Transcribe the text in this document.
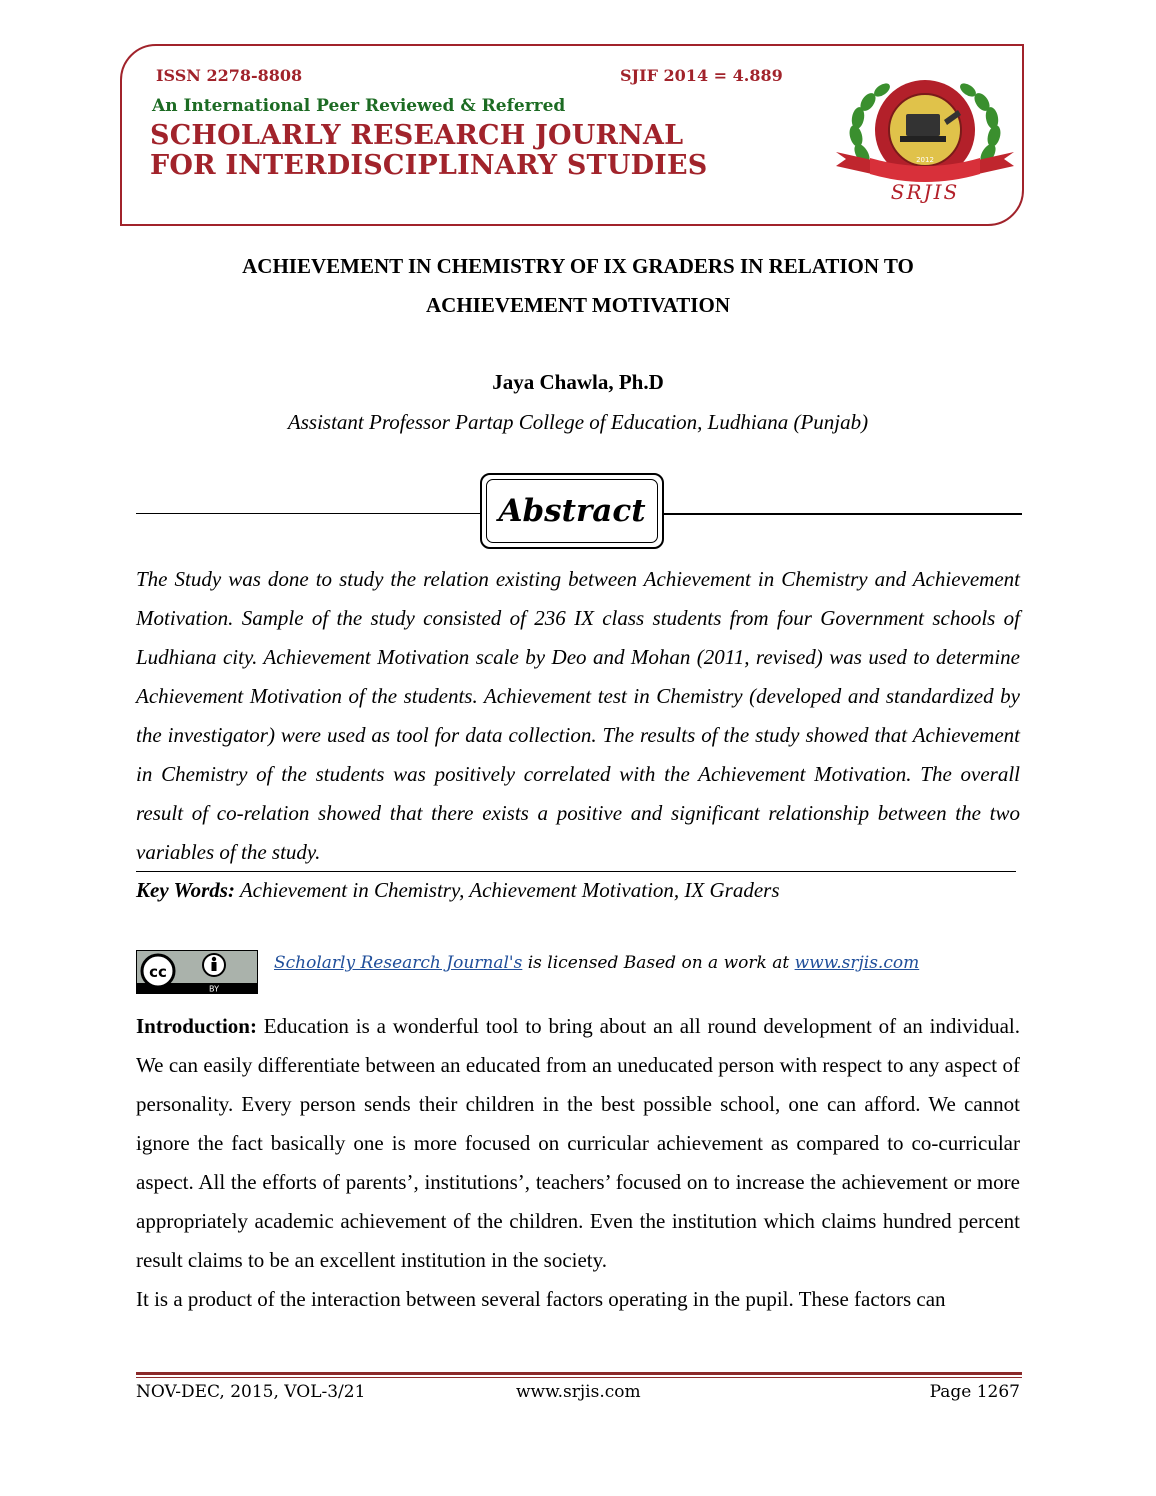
ISSN 2278-8808	SJIF 2014 = 4.889
An International Peer Reviewed & Referred
SCHOLARLY RESEARCH JOURNAL
FOR INTERDISCIPLINARY STUDIES
SRJIS
2012
ACHIEVEMENT IN CHEMISTRY OF IX GRADERS IN RELATION TO
ACHIEVEMENT MOTIVATION
Jaya Chawla, Ph.D
Assistant Professor Partap College of Education, Ludhiana (Punjab)
Abstract
The Study was done to study the relation existing between Achievement in Chemistry and Achievement Motivation. Sample of the study consisted of 236 IX class students from four Government schools of Ludhiana city. Achievement Motivation scale by Deo and Mohan (2011, revised) was used to determine Achievement Motivation of the students. Achievement test in Chemistry (developed and standardized by the investigator) were used as tool for data collection. The results of the study showed that Achievement in Chemistry of the students was positively correlated with the Achievement Motivation. The overall result of co-relation showed that there exists a positive and significant relationship between the two variables of the study.
Key Words: Achievement in Chemistry, Achievement Motivation, IX Graders
cc
BY
Scholarly Research Journal's is licensed Based on a work at www.srjis.com

Introduction: Education is a wonderful tool to bring about an all round development of an individual. We can easily differentiate between an educated from an uneducated person with respect to any aspect of personality. Every person sends their children in the best possible school, one can afford. We cannot ignore the fact basically one is more focused on curricular achievement as compared to co-curricular aspect. All the efforts of parents’, institutions’, teachers’ focused on to increase the achievement or more appropriately academic achievement of the children. Even the institution which claims hundred percent result claims to be an excellent institution in the society.

It is a product of the interaction between several factors operating in the pupil. These factors can

NOV-DEC, 2015, VOL-3/21	www.srjis.com	Page 1267
